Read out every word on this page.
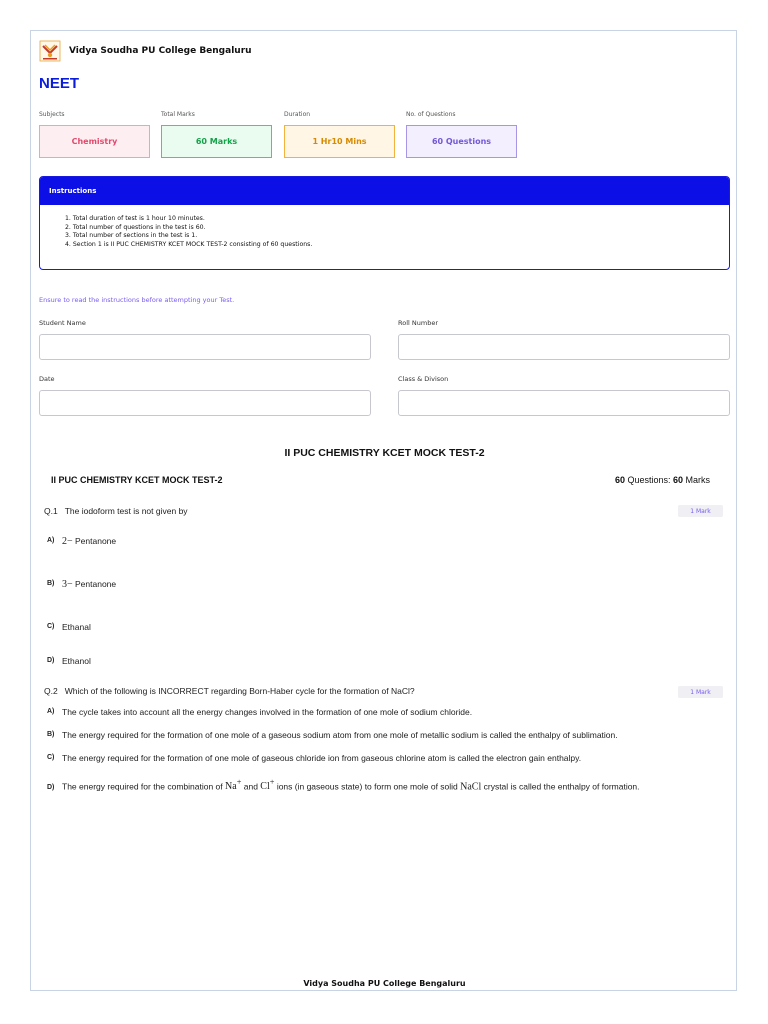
Vidya Soudha PU College Bengaluru
NEET
Subjects	Total Marks	Duration	No. of Questions
Chemistry	60 Marks	1 Hr10 Mins	60 Questions
Instructions
1. Total duration of test is 1 hour 10 minutes.
2. Total number of questions in the test is 60.
3. Total number of sections in the test is 1.
4. Section 1 is II PUC CHEMISTRY KCET MOCK TEST-2 consisting of 60 questions.
Ensure to read the instructions before attempting your Test.
Student Name	Roll Number
Date	Class & Divison
II PUC CHEMISTRY KCET MOCK TEST-2
II PUC CHEMISTRY KCET MOCK TEST-2	60 Questions: 60 Marks
Q.1 The iodoform test is not given by	1 Mark
A) 2− Pentanone
B) 3− Pentanone
C) Ethanal
D) Ethanol
Q.2 Which of the following is INCORRECT regarding Born-Haber cycle for the formation of NaCl?	1 Mark
A) The cycle takes into account all the energy changes involved in the formation of one mole of sodium chloride.
B) The energy required for the formation of one mole of a gaseous sodium atom from one mole of metallic sodium is called the enthalpy of sublimation.
C) The energy required for the formation of one mole of gaseous chloride ion from gaseous chlorine atom is called the electron gain enthalpy.
D) The energy required for the combination of Na+ and Cl+ ions (in gaseous state) to form one mole of solid NaCl crystal is called the enthalpy of formation.
Vidya Soudha PU College Bengaluru
